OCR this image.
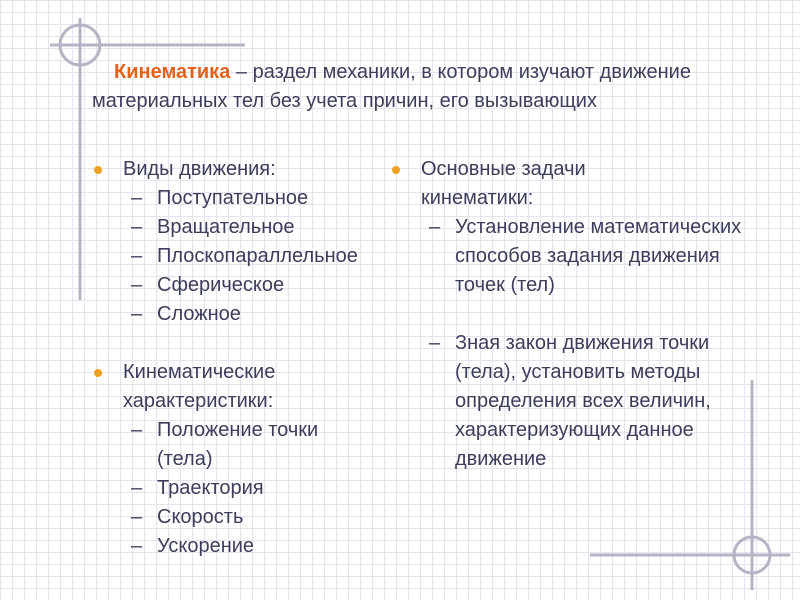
Кинематика – раздел механики, в котором изучают движение материальных тел без учета причин, его вызывающих
Виды движения:
– Поступательное
– Вращательное
– Плоскопараллельное
– Сферическое
– Сложное
Кинематические характеристики:
– Положение точки (тела)
– Траектория
– Скорость
– Ускорение
Основные задачи кинематики:
– Установление математических способов задания движения точек (тел)
– Зная закон движения точки (тела), установить методы определения всех величин, характеризующих данное движение
